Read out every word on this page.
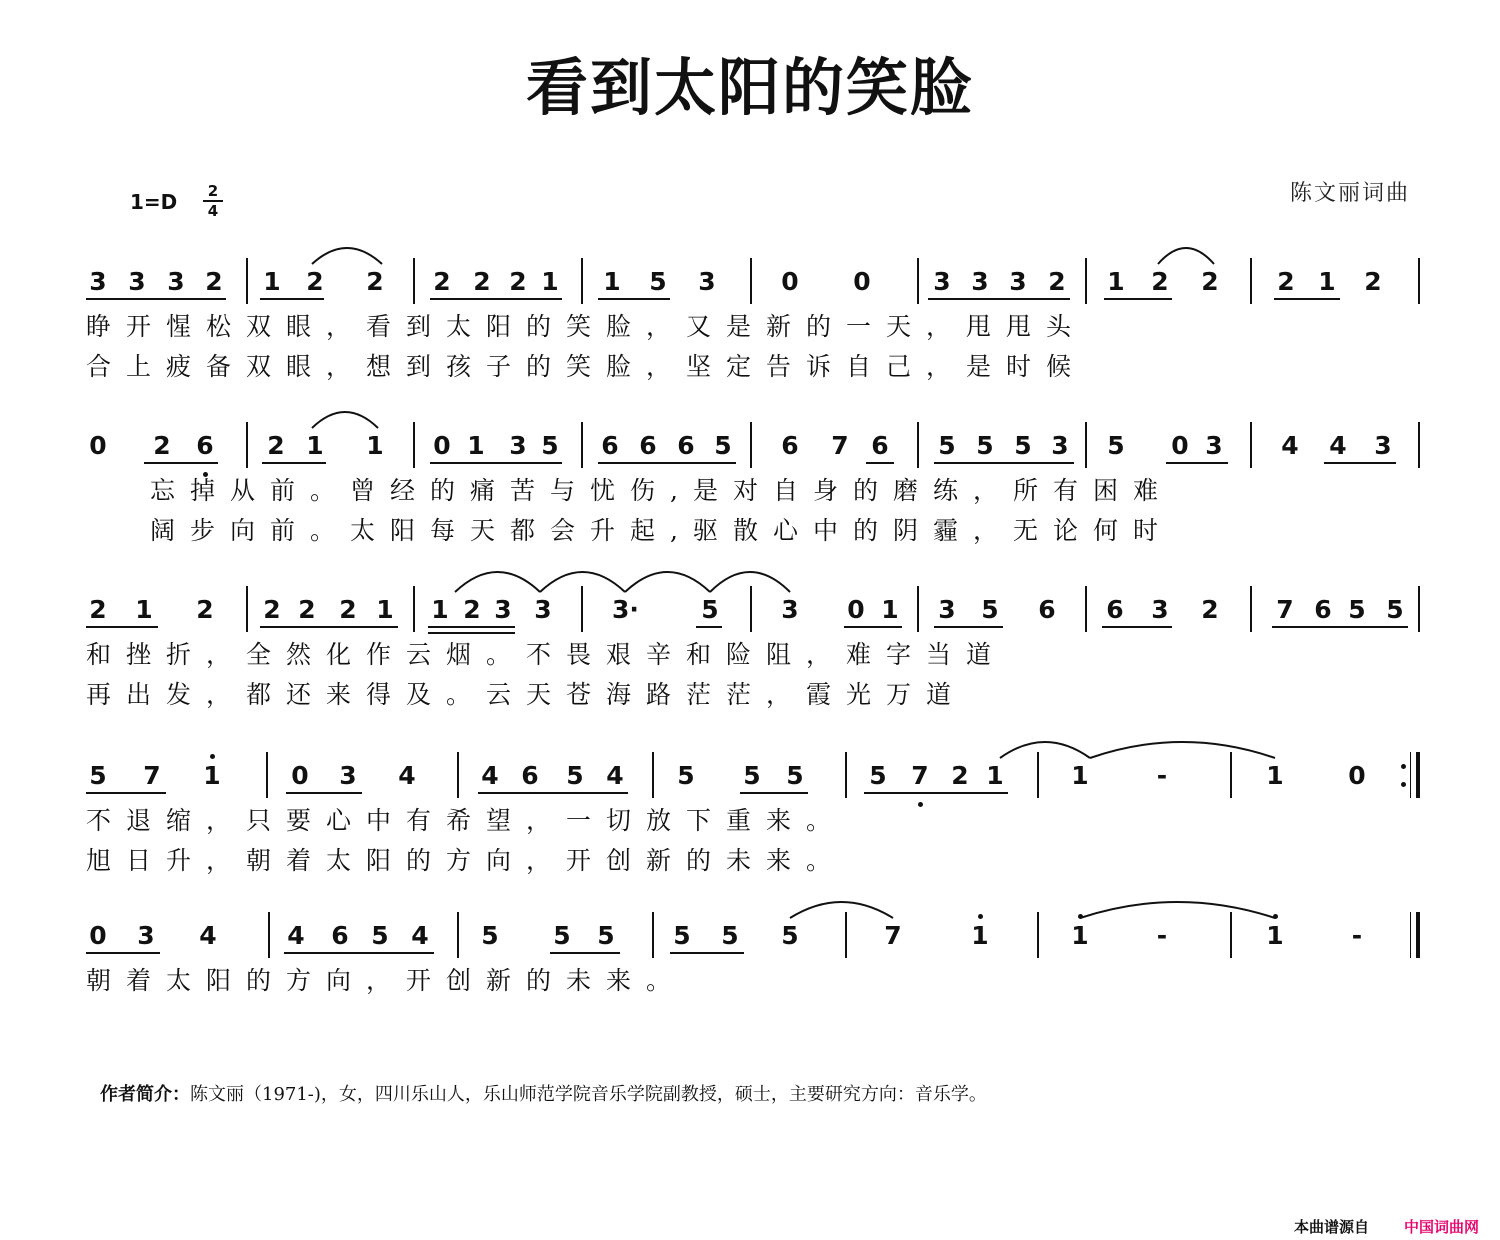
看到太阳的笑脸
陈文丽词曲
1=D	2
4
3 3 3 2 1 2 2 2 2 2 1 1 5 3	0 0	3 3 3 2 1 2 2 2 1 2
睁开惺松双眼，看到太阳的笑脸，又是新的一天，甩甩头
合上疲备双眼，想到孩子的笑脸，坚定告诉自己，是时候
0 2 6 2 1 1 0 1 3 5 6 6 6 5 6 7 6 5 5 5 3 5 0 3 4 4 3
忘掉从前。曾经的痛苦与忧伤,是对自身的磨练，所有困难
阔步向前。太阳每天都会升起,驱散心中的阴霾，无论何时
2 1 2 2 2 2 1 1 2 3 3 3· 5	3 0 1 3 5 6 6 3 2 7 6 5 5
和挫折，全然化作云烟。不畏艰辛和险阻，难字当道
再出发，都还来得及。云天苍海路茫茫，霞光万道
5 7 1	0 3 4	4 6 5 4 5 5 5	5 7 2 1	1	-	1	0
不退缩，只要心中有希望，一切放下重来。
旭日升，朝着太阳的方向，开创新的未来。
0 3 4	4 6 5 4 5 5 5 5 5 5	7	1	1	-	1	-
朝着太阳的方向，开创新的未来。
作者简介：陈文丽（1971-)，女，四川乐山人，乐山师范学院音乐学院副教授，硕士，主要研究方向：音乐学。
本曲谱源自 中国词曲网
